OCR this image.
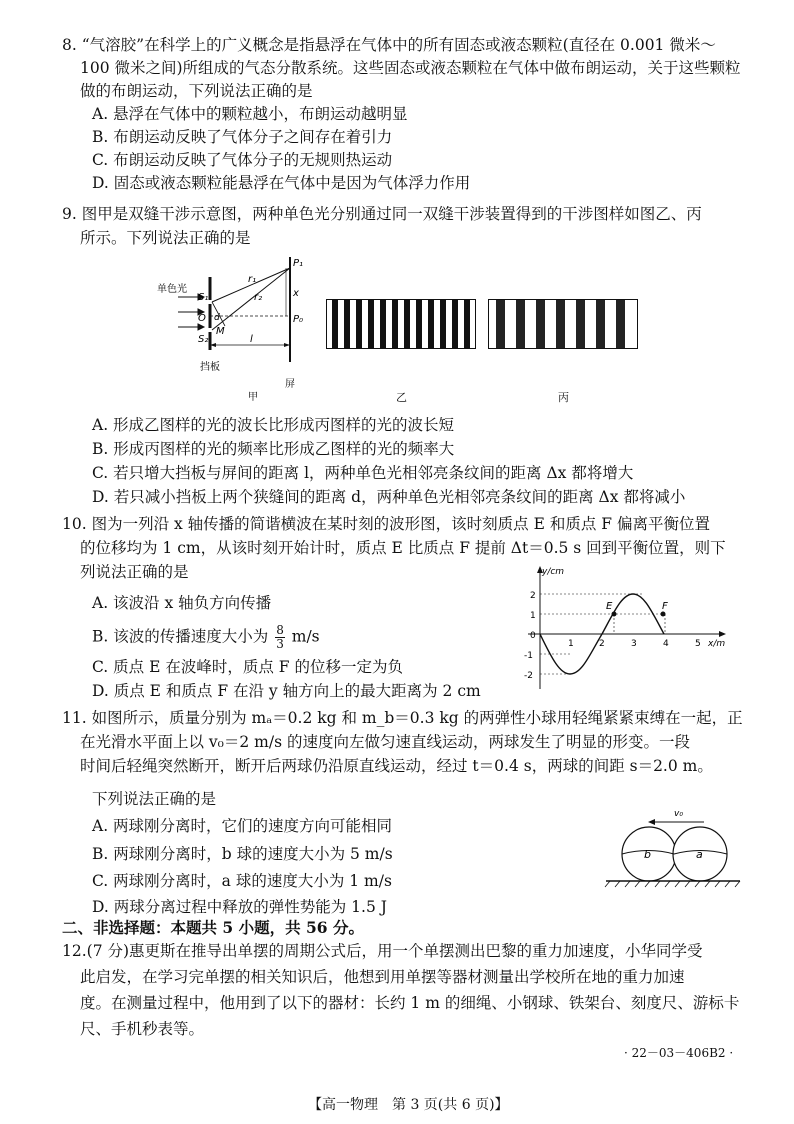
8. “气溶胶”在科学上的广义概念是指悬浮在气体中的所有固态或液态颗粒(直径在 0.001 微米～
100 微米之间)所组成的气态分散系统。这些固态或液态颗粒在气体中做布朗运动，关于这些颗粒
做的布朗运动，下列说法正确的是
A. 悬浮在气体中的颗粒越小，布朗运动越明显
B. 布朗运动反映了气体分子之间存在着引力
C. 布朗运动反映了气体分子的无规则热运动
D. 固态或液态颗粒能悬浮在气体中是因为气体浮力作用
9. 图甲是双缝干涉示意图，两种单色光分别通过同一双缝干涉装置得到的干涉图样如图乙、丙
所示。下列说法正确的是
单色光
S₁
S₂
O d
M
P₁
P₀
r₁
r₂	x
l
挡板
屏
甲	乙	丙
A. 形成乙图样的光的波长比形成丙图样的光的波长短
B. 形成丙图样的光的频率比形成乙图样的光的频率大
C. 若只增大挡板与屏间的距离 l，两种单色光相邻亮条纹间的距离 Δx 都将增大
D. 若只减小挡板上两个狭缝间的距离 d，两种单色光相邻亮条纹间的距离 Δx 都将减小
10. 图为一列沿 x 轴传播的简谐横波在某时刻的波形图，该时刻质点 E 和质点 F 偏离平衡位置
的位移均为 1 cm，从该时刻开始计时，质点 E 比质点 F 提前 Δt＝0.5 s 回到平衡位置，则下
列说法正确的是
A. 该波沿 x 轴负方向传播
B. 该波的传播速度大小为 $\frac{8}{3} m/s$
C. 质点 E 在波峰时，质点 F 的位移一定为负
D. 质点 E 和质点 F 在沿 y 轴方向上的最大距离为 2 cm
y/cm
x/m
2
1
0
-1
-2
1	2	3	4	5
E	F
11. 如图所示，质量分别为 mₐ＝0.2 kg 和 m_b＝0.3 kg 的两弹性小球用轻绳紧紧束缚在一起，正
在光滑水平面上以 v₀＝2 m/s 的速度向左做匀速直线运动，两球发生了明显的形变。一段
时间后轻绳突然断开，断开后两球仍沿原直线运动，经过 t＝0.4 s，两球的间距 s＝2.0 m。
下列说法正确的是
A. 两球刚分离时，它们的速度方向可能相同
B. 两球刚分离时，b 球的速度大小为 5 m/s
C. 两球刚分离时，a 球的速度大小为 1 m/s
D. 两球分离过程中释放的弹性势能为 1.5 J
v₀
b	a
二、非选择题：本题共 5 小题，共 56 分。
12.(7 分)惠更斯在推导出单摆的周期公式后，用一个单摆测出巴黎的重力加速度，小华同学受
此启发，在学习完单摆的相关知识后，他想到用单摆等器材测量出学校所在地的重力加速
度。在测量过程中，他用到了以下的器材：长约 1 m 的细绳、小钢球、铁架台、刻度尺、游标卡
尺、手机秒表等。
· 22－03－406B2 ·
【高一物理　第 3 页(共 6 页)】
